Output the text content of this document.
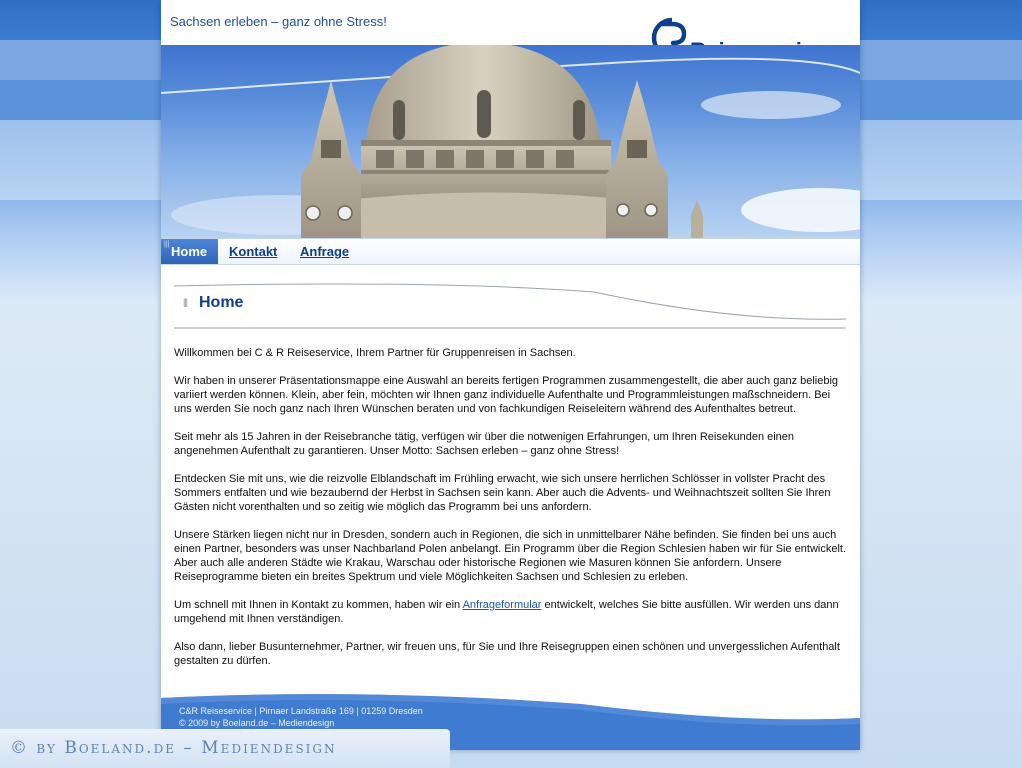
Sachsen erleben – ganz ohne Stress!
||| Home Kontakt Anfrage
||| Home

Willkommen bei C & R Reiseservice, Ihrem Partner für Gruppenreisen in Sachsen.

Wir haben in unserer Präsentationsmappe eine Auswahl an bereits fertigen Programmen zusammengestellt, die aber auch ganz beliebig variiert werden können. Klein, aber fein, möchten wir Ihnen ganz individuelle Aufenthalte und Programmleistungen maßschneidern. Bei uns werden Sie noch ganz nach Ihren Wünschen beraten und von fachkundigen Reiseleitern während des Aufenthaltes betreut.

Seit mehr als 15 Jahren in der Reisebranche tätig, verfügen wir über die notwenigen Erfahrungen, um Ihren Reisekunden einen angenehmen Aufenthalt zu garantieren. Unser Motto: Sachsen erleben – ganz ohne Stress!

Entdecken Sie mit uns, wie die reizvolle Elblandschaft im Frühling erwacht, wie sich unsere herrlichen Schlösser in vollster Pracht des Sommers entfalten und wie bezaubernd der Herbst in Sachsen sein kann. Aber auch die Advents- und Weihnachtszeit sollten Sie Ihren Gästen nicht vorenthalten und so zeitig wie möglich das Programm bei uns anfordern.

Unsere Stärken liegen nicht nur in Dresden, sondern auch in Regionen, die sich in unmittelbarer Nähe befinden. Sie finden bei uns auch einen Partner, besonders was unser Nachbarland Polen anbelangt. Ein Programm über die Region Schlesien haben wir für Sie entwickelt. Aber auch alle anderen Städte wie Krakau, Warschau oder historische Regionen wie Masuren können Sie anfordern. Unsere Reiseprogramme bieten ein breites Spektrum und viele Möglichkeiten Sachsen und Schlesien zu erleben.

Um schnell mit Ihnen in Kontakt zu kommen, haben wir ein Anfrageformular entwickelt, welches Sie bitte ausfüllen. Wir werden uns dann umgehend mit Ihnen verständigen.

Also dann, lieber Busunternehmer, Partner, wir freuen uns, für Sie und Ihre Reisegruppen einen schönen und unvergesslichen Aufenthalt gestalten zu dürfen.

C&R Reiseservice | Pirnaer Landstraße 169 | 01259 Dresden
© 2009 by Boeland.de – Mediendesign
© by Boeland.de – Mediendesign
